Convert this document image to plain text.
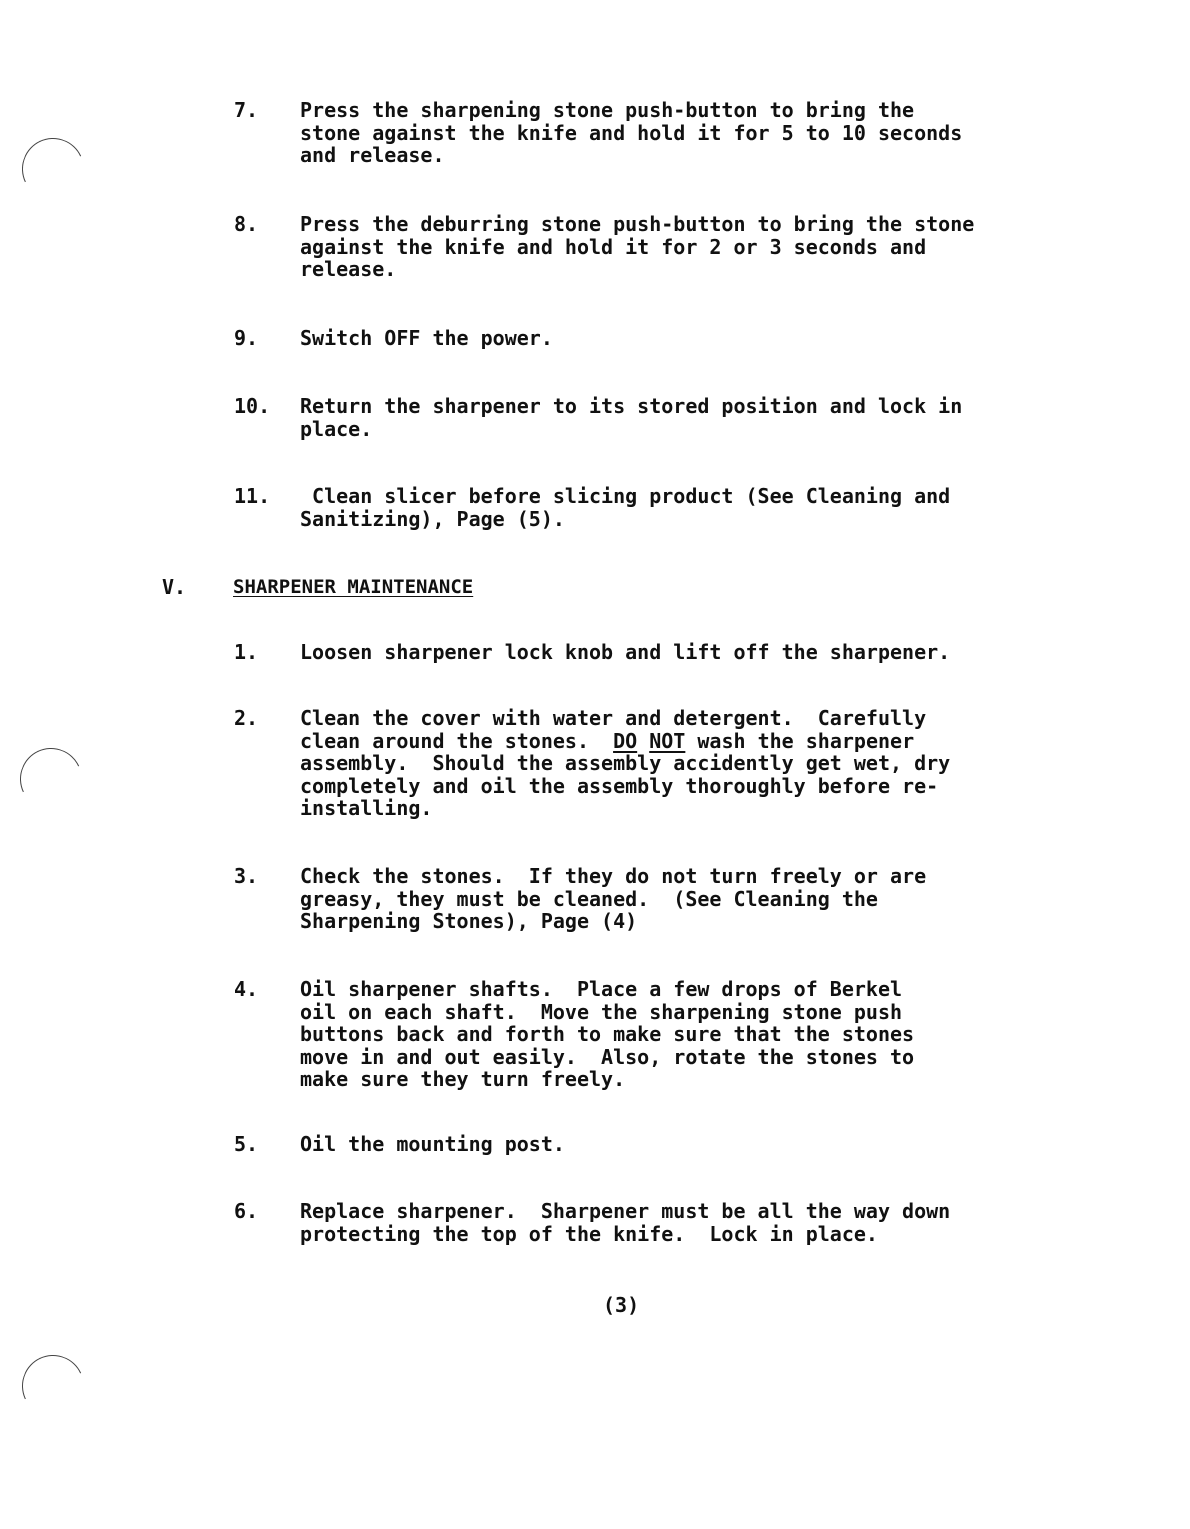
7. Press the sharpening stone push-button to bring the
stone against the knife and hold it for 5 to 10 seconds
and release.
8. Press the deburring stone push-button to bring the stone
against the knife and hold it for 2 or 3 seconds and
release.
9. Switch OFF the power.
10. Return the sharpener to its stored position and lock in
place.
11. Clean slicer before slicing product (See Cleaning and
Sanitizing), Page (5).
V. SHARPENER MAINTENANCE
1. Loosen sharpener lock knob and lift off the sharpener.
2. Clean the cover with water and detergent.  Carefully
clean around the stones.  DO NOT wash the sharpener
assembly.  Should the assembly accidently get wet, dry
completely and oil the assembly thoroughly before re-
installing.
3. Check the stones.  If they do not turn freely or are
greasy, they must be cleaned.  (See Cleaning the
Sharpening Stones), Page (4)
4. Oil sharpener shafts.  Place a few drops of Berkel
oil on each shaft.  Move the sharpening stone push
buttons back and forth to make sure that the stones
move in and out easily.  Also, rotate the stones to
make sure they turn freely.
5. Oil the mounting post.
6. Replace sharpener.  Sharpener must be all the way down
protecting the top of the knife.  Lock in place.
(3)
